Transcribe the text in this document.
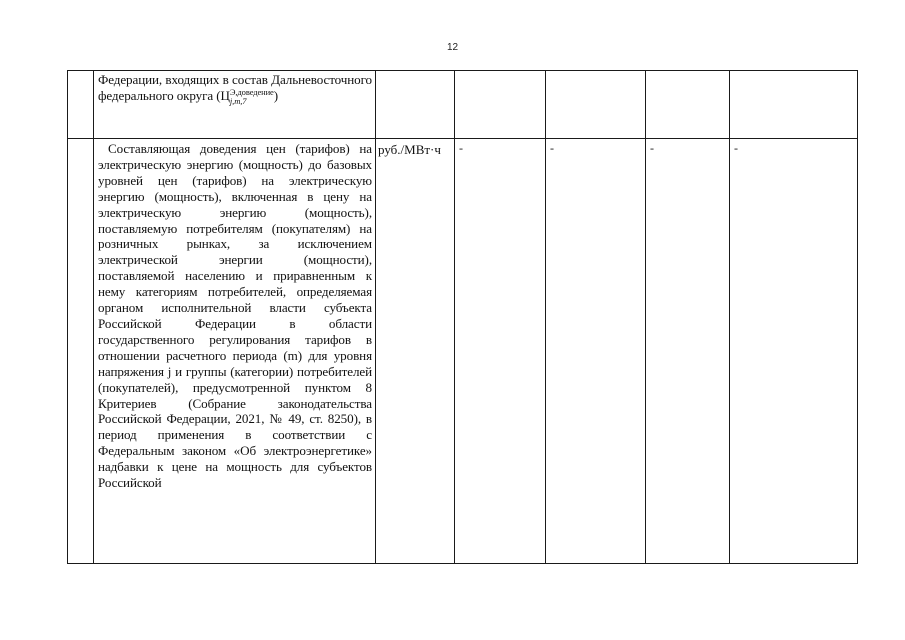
12

	Федерации, входящих в состав Дальневосточного федерального округа (Ц Э,доведение
j,m,7 )					

	Составляющая доведения цен (тарифов) на электрическую энергию (мощность) до базовых уровней цен (тарифов) на электрическую энергию (мощность), включенная в цену на электрическую энергию (мощность), поставляемую потребителям (покупателям) на розничных рынках, за исключением электрической энергии (мощности), поставляемой населению и приравненным к нему категориям потребителей, определяемая органом исполнительной власти субъекта Российской Федерации в области государственного регулирования тарифов в отношении расчетного периода (m) для уровня напряжения j и группы (категории) потребителей (покупателей), предусмотренной пунктом 8 Критериев (Собрание законодательства Российской Федерации, 2021, № 49, ст. 8250), в период применения в соответствии с Федеральным законом «Об электроэнергетике» надбавки к цене на мощность для субъектов Российской	руб./МВт·ч	-	-	-	-
